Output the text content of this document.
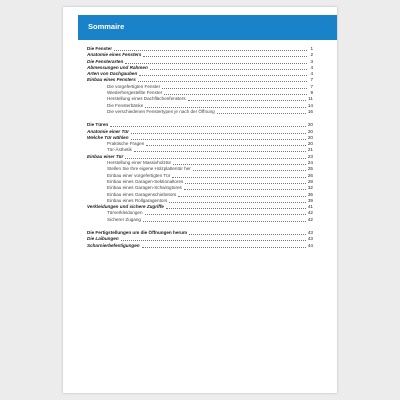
Sommaire
Die Fenster	1
Anatomie eines Fensters	2
Die Fensterarten	3
Abmessungen und Rahmen	4
Arten von Dachgauben	4
Einbau eines Fensters	7
Die vorgefertigten Fenster	7
Wiederhergestellte Fenster	9
Herstellung eines Dachflächenfensters	11
Die Fensterbänke	14
Die verschiedenen Fenstertypen je nach der Öffnung	16
Die Türen	20
Anatomie einer Tür	20
Welche Tür wählen	20
Praktische Fragen	20
Tür-Ästhetik	21
Einbau einer Tür	23
Herstellung einer Massivholztür	24
Stellen Sie Ihre eigene Holzplattentür her	25
Einbau einer vorgefertigten Tür	26
Einbau eines Garagen-Sektionaltores	28
Einbau eines Garagen-Schwingtores	32
Einbau eines Garagenschiebetors	36
Einbau eines Rollgaragentors	39
Verkleidungen und sichere Zugriffe	41
Türverkleidungen	42
Sicherer Zugang	42
Die Fertigstellungen um die Öffnungen herum	43
Die Laibungen	43
Scharnierbefestigungen	44
